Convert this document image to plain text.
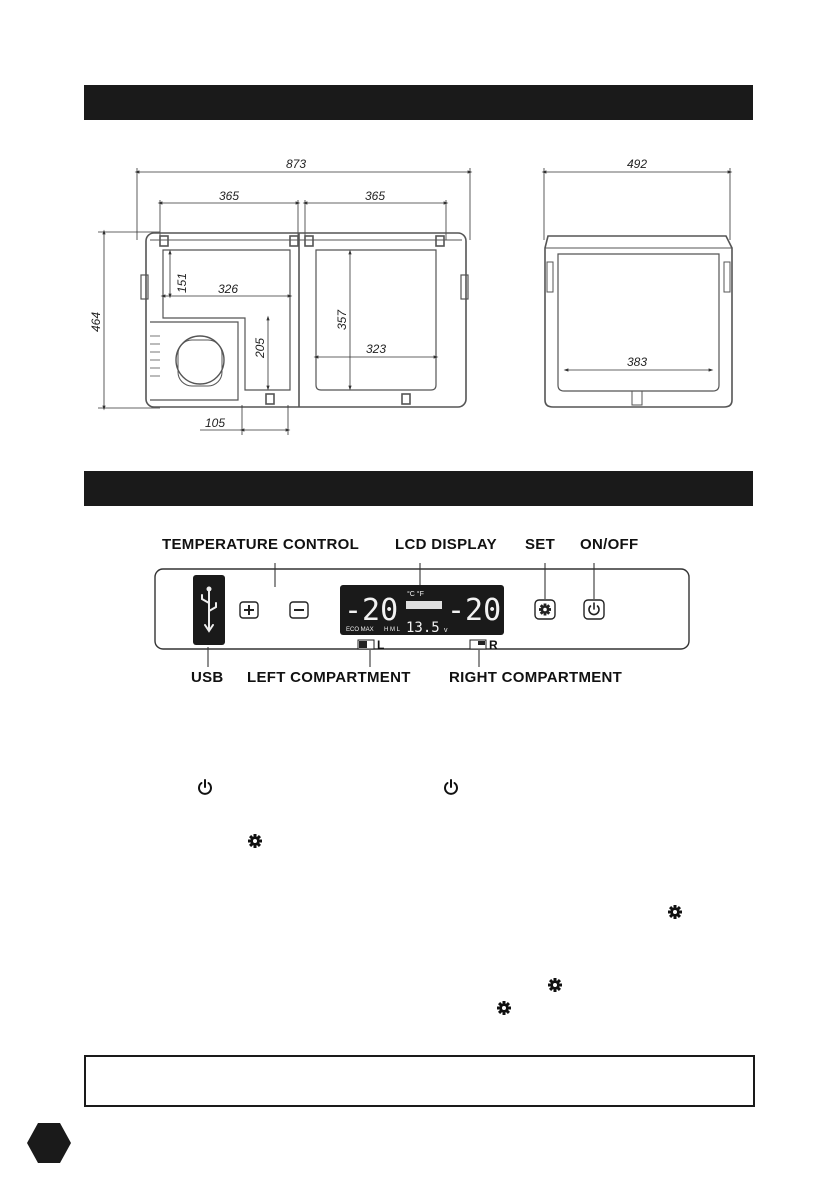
873
365	365
464
151 326
205
357
323
105
492
383
TEMPERATURE CONTROL LCD DISPLAY SET ON/OFF
-20 -20
°C °F
ECO MAX H M L 13.5 v
L	R
USB LEFT COMPARTMENT	RIGHT COMPARTMENT
